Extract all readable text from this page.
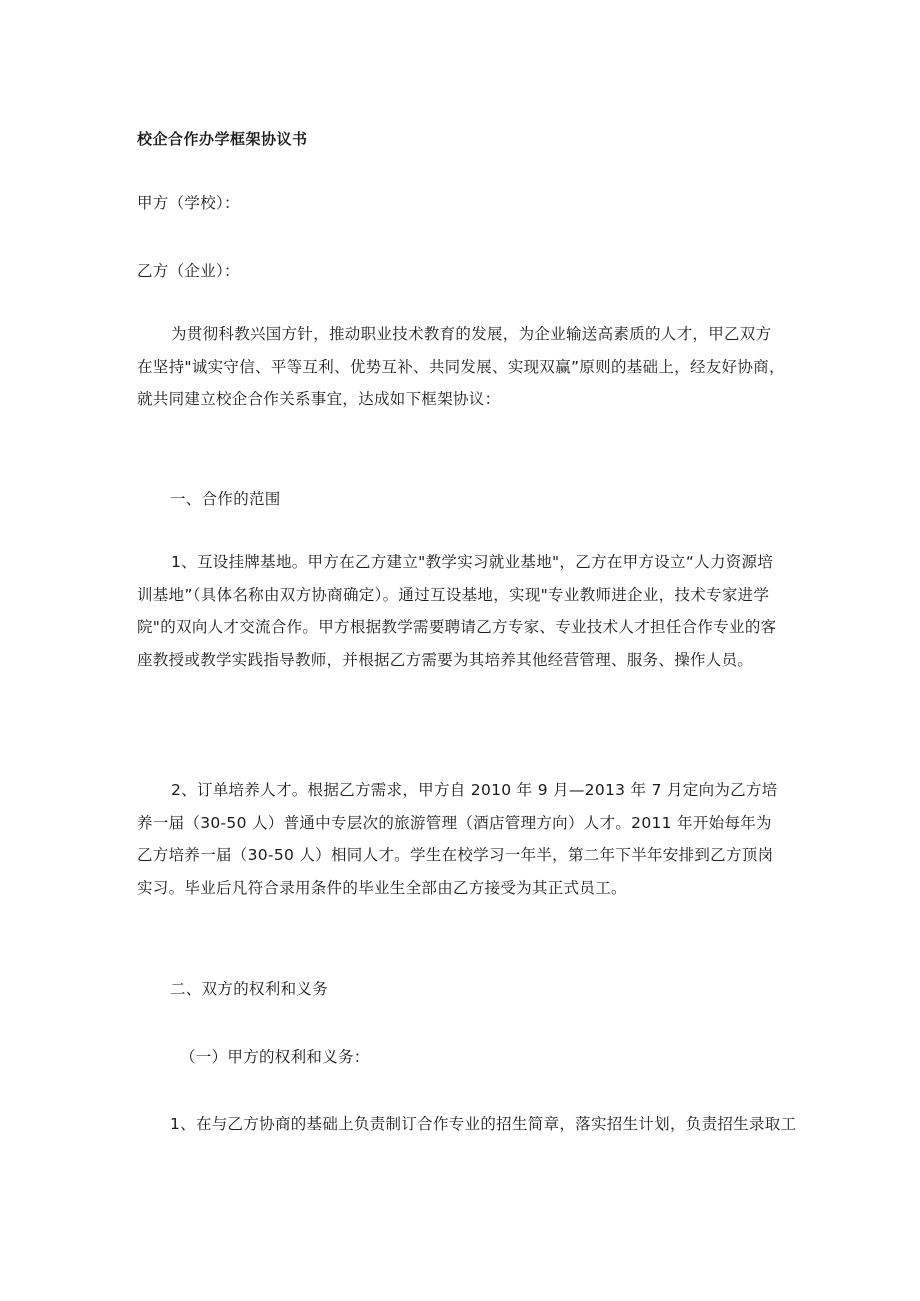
校企合作办学框架协议书
甲方（学校）：
乙方（企业）：
为贯彻科教兴国方针，推动职业技术教育的发展，为企业输送高素质的人才，甲乙双方在坚持"诚实守信、平等互利、优势互补、共同发展、实现双赢”原则的基础上，经友好协商，就共同建立校企合作关系事宜，达成如下框架协议：
一、合作的范围
1、互设挂牌基地。甲方在乙方建立"教学实习就业基地"，乙方在甲方设立“人力资源培训基地”（具体名称由双方协商确定）。通过互设基地，实现"专业教师进企业，技术专家进学院"的双向人才交流合作。甲方根据教学需要聘请乙方专家、专业技术人才担任合作专业的客座教授或教学实践指导教师，并根据乙方需要为其培养其他经营管理、服务、操作人员。
2、订单培养人才。根据乙方需求，甲方自 2010 年 9 月—2013 年 7 月定向为乙方培养一届（30-50 人）普通中专层次的旅游管理（酒店管理方向）人才。2011 年开始每年为乙方培养一届（30-50 人）相同人才。学生在校学习一年半，第二年下半年安排到乙方顶岗实习。毕业后凡符合录用条件的毕业生全部由乙方接受为其正式员工。
二、双方的权利和义务
（一）甲方的权利和义务：
1、在与乙方协商的基础上负责制订合作专业的招生简章，落实招生计划，负责招生录取工
